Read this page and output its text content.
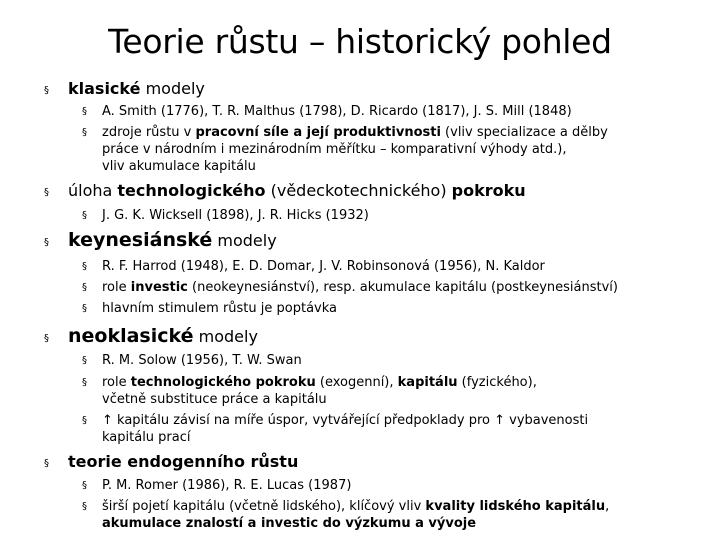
Teorie růstu – historický pohled
§ klasické modely
§ A. Smith (1776), T. R. Malthus (1798), D. Ricardo (1817), J. S. Mill (1848)
§ zdroje růstu v pracovní síle a její produktivnosti (vliv specializace a dělby
práce v národním i mezinárodním měřítku – komparativní výhody atd.),
vliv akumulace kapitálu
§ úloha technologického (vědeckotechnického) pokroku
§ J. G. K. Wicksell (1898), J. R. Hicks (1932)
§ keynesiánské modely
§ R. F. Harrod (1948), E. D. Domar, J. V. Robinsonová (1956), N. Kaldor
§ role investic (neokeynesiánství), resp. akumulace kapitálu (postkeynesiánství)
§ hlavním stimulem růstu je poptávka
§ neoklasické modely
§ R. M. Solow (1956), T. W. Swan
§ role technologického pokroku (exogenní), kapitálu (fyzického),
včetně substituce práce a kapitálu
§ ↑ kapitálu závisí na míře úspor, vytvářející předpoklady pro ↑ vybavenosti
kapitálu prací
§ teorie endogenního růstu
§ P. M. Romer (1986), R. E. Lucas (1987)
§ širší pojetí kapitálu (včetně lidského), klíčový vliv kvality lidského kapitálu,
akumulace znalostí a investic do výzkumu a vývoje
